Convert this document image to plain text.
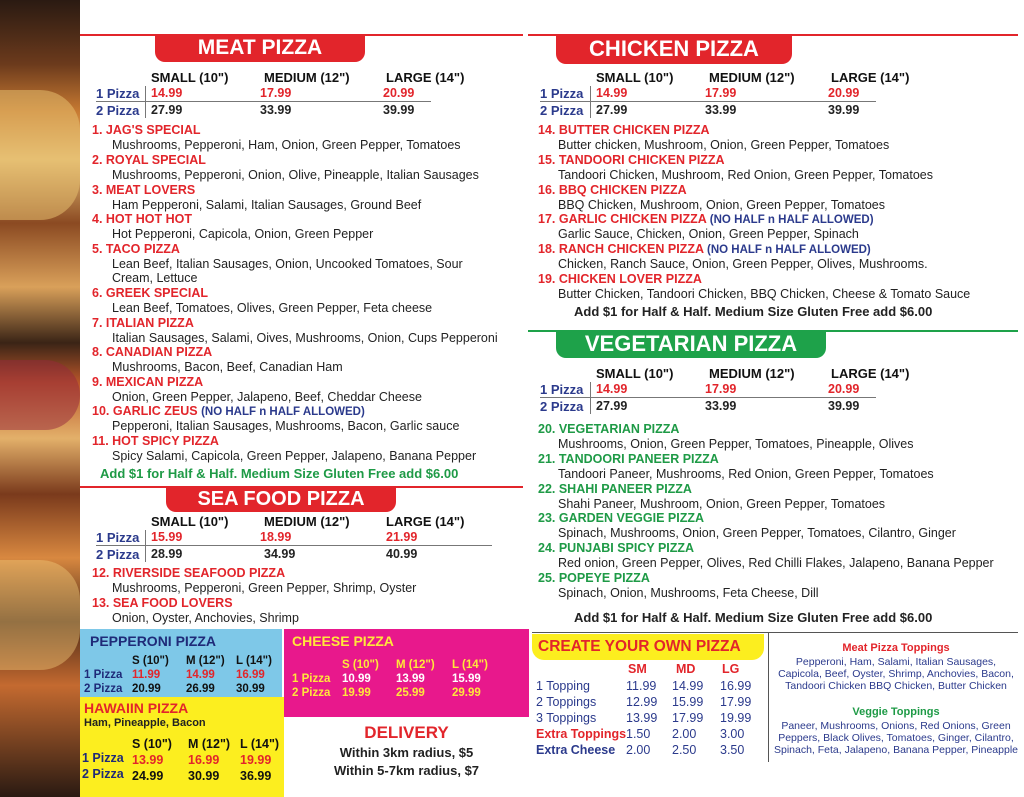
MEAT PIZZA
SMALL (10")	MEDIUM (12")	LARGE (14")
1 Pizza 14.99	17.99	20.99
2 Pizza 27.99	33.99	39.99
1. JAG'S SPECIAL
Mushrooms, Pepperoni, Ham, Onion, Green Pepper, Tomatoes
2. ROYAL SPECIAL
Mushrooms, Pepperoni, Onion, Olive, Pineapple, Italian Sausages
3. MEAT LOVERS
Ham Pepperoni, Salami, Italian Sausages, Ground Beef
4. HOT HOT HOT
Hot Pepperoni, Capicola, Onion, Green Pepper
5. TACO PIZZA
Lean Beef, Italian Sausages, Onion, Uncooked Tomatoes, Sour
Cream, Lettuce
6. GREEK SPECIAL
Lean Beef, Tomatoes, Olives, Green Pepper, Feta cheese
7. ITALIAN PIZZA
Italian Sausages, Salami, Oives, Mushrooms, Onion, Cups Pepperoni
8. CANADIAN PIZZA
Mushrooms, Bacon, Beef, Canadian Ham
9. MEXICAN PIZZA
Onion, Green Pepper, Jalapeno, Beef, Cheddar Cheese
10. GARLIC ZEUS (NO HALF n HALF ALLOWED)
Pepperoni, Italian Sausages, Mushrooms, Bacon, Garlic sauce
11. HOT SPICY PIZZA
Spicy Salami, Capicola, Green Pepper, Jalapeno, Banana Pepper
Add $1 for Half & Half. Medium Size Gluten Free add $6.00
SEA FOOD PIZZA
SMALL (10")	MEDIUM (12")	LARGE (14")
1 Pizza 15.99	18.99	21.99
2 Pizza 28.99	34.99	40.99
12. RIVERSIDE SEAFOOD PIZZA
Mushrooms, Pepperoni, Green Pepper, Shrimp, Oyster
13. SEA FOOD LOVERS
Onion, Oyster, Anchovies, Shrimp
PEPPERONI PIZZA
S (10") M (12") L (14")
1 Pizza 11.99 14.99 16.99
2 Pizza 20.99 26.99 30.99
CHEESE PIZZA
S (10") M (12") L (14")
1 Pizza 10.99 13.99 15.99
2 Pizza 19.99 25.99 29.99
HAWAIIN PIZZA
Ham, Pineapple, Bacon
S (10") M (12") L (14")
1 Pizza 13.99 16.99 19.99
2 Pizza 24.99 30.99 36.99
DELIVERY
Within 3km radius, $5
Within 5-7km radius, $7
CHICKEN PIZZA
SMALL (10")	MEDIUM (12")	LARGE (14")
1 Pizza 14.99	17.99	20.99
2 Pizza 27.99	33.99	39.99
14. BUTTER CHICKEN PIZZA
Butter chicken, Mushroom, Onion, Green Pepper, Tomatoes
15. TANDOORI CHICKEN PIZZA
Tandoori Chicken, Mushroom, Red Onion, Green Pepper, Tomatoes
16. BBQ CHICKEN PIZZA
BBQ Chicken, Mushroom, Onion, Green Pepper, Tomatoes
17. GARLIC CHICKEN PIZZA (NO HALF n HALF ALLOWED)
Garlic Sauce, Chicken, Onion, Green Pepper, Spinach
18. RANCH CHICKEN PIZZA (NO HALF n HALF ALLOWED)
Chicken, Ranch Sauce, Onion, Green Pepper, Olives, Mushrooms.
19. CHICKEN LOVER PIZZA
Butter Chicken, Tandoori Chicken, BBQ Chicken, Cheese & Tomato Sauce
Add $1 for Half & Half. Medium Size Gluten Free add $6.00
VEGETARIAN PIZZA
SMALL (10")	MEDIUM (12")	LARGE (14")
1 Pizza 14.99	17.99	20.99
2 Pizza 27.99	33.99	39.99
20. VEGETARIAN PIZZA
Mushrooms, Onion, Green Pepper, Tomatoes, Pineapple, Olives
21. TANDOORI PANEER PIZZA
Tandoori Paneer, Mushrooms, Red Onion, Green Pepper, Tomatoes
22. SHAHI PANEER PIZZA
Shahi Paneer, Mushroom, Onion, Green Pepper, Tomatoes
23. GARDEN VEGGIE PIZZA
Spinach, Mushrooms, Onion, Green Pepper, Tomatoes, Cilantro, Ginger
24. PUNJABI SPICY PIZZA
Red onion, Green Pepper, Olives, Red Chilli Flakes, Jalapeno, Banana Pepper
25. POPEYE PIZZA
Spinach, Onion, Mushrooms, Feta Cheese, Dill
Add $1 for Half & Half. Medium Size Gluten Free add $6.00
CREATE YOUR OWN PIZZA
SM MD LG
1 Topping	11.99 14.99 16.99
2 Toppings 12.99 15.99 17.99
3 Toppings 13.99 17.99 19.99
Extra Toppings 1.50 2.00 3.00
Extra Cheese 2.00 2.50 3.50
Meat Pizza Toppings
Pepperoni, Ham, Salami, Italian Sausages,
Capicola, Beef, Oyster, Shrimp, Anchovies, Bacon,
Tandoori Chicken BBQ Chicken, Butter Chicken
Veggie Toppings
Paneer, Mushrooms, Onions, Red Onions, Green
Peppers, Black Olives, Tomatoes, Ginger, Cilantro,
Spinach, Feta, Jalapeno, Banana Pepper, Pineapple
